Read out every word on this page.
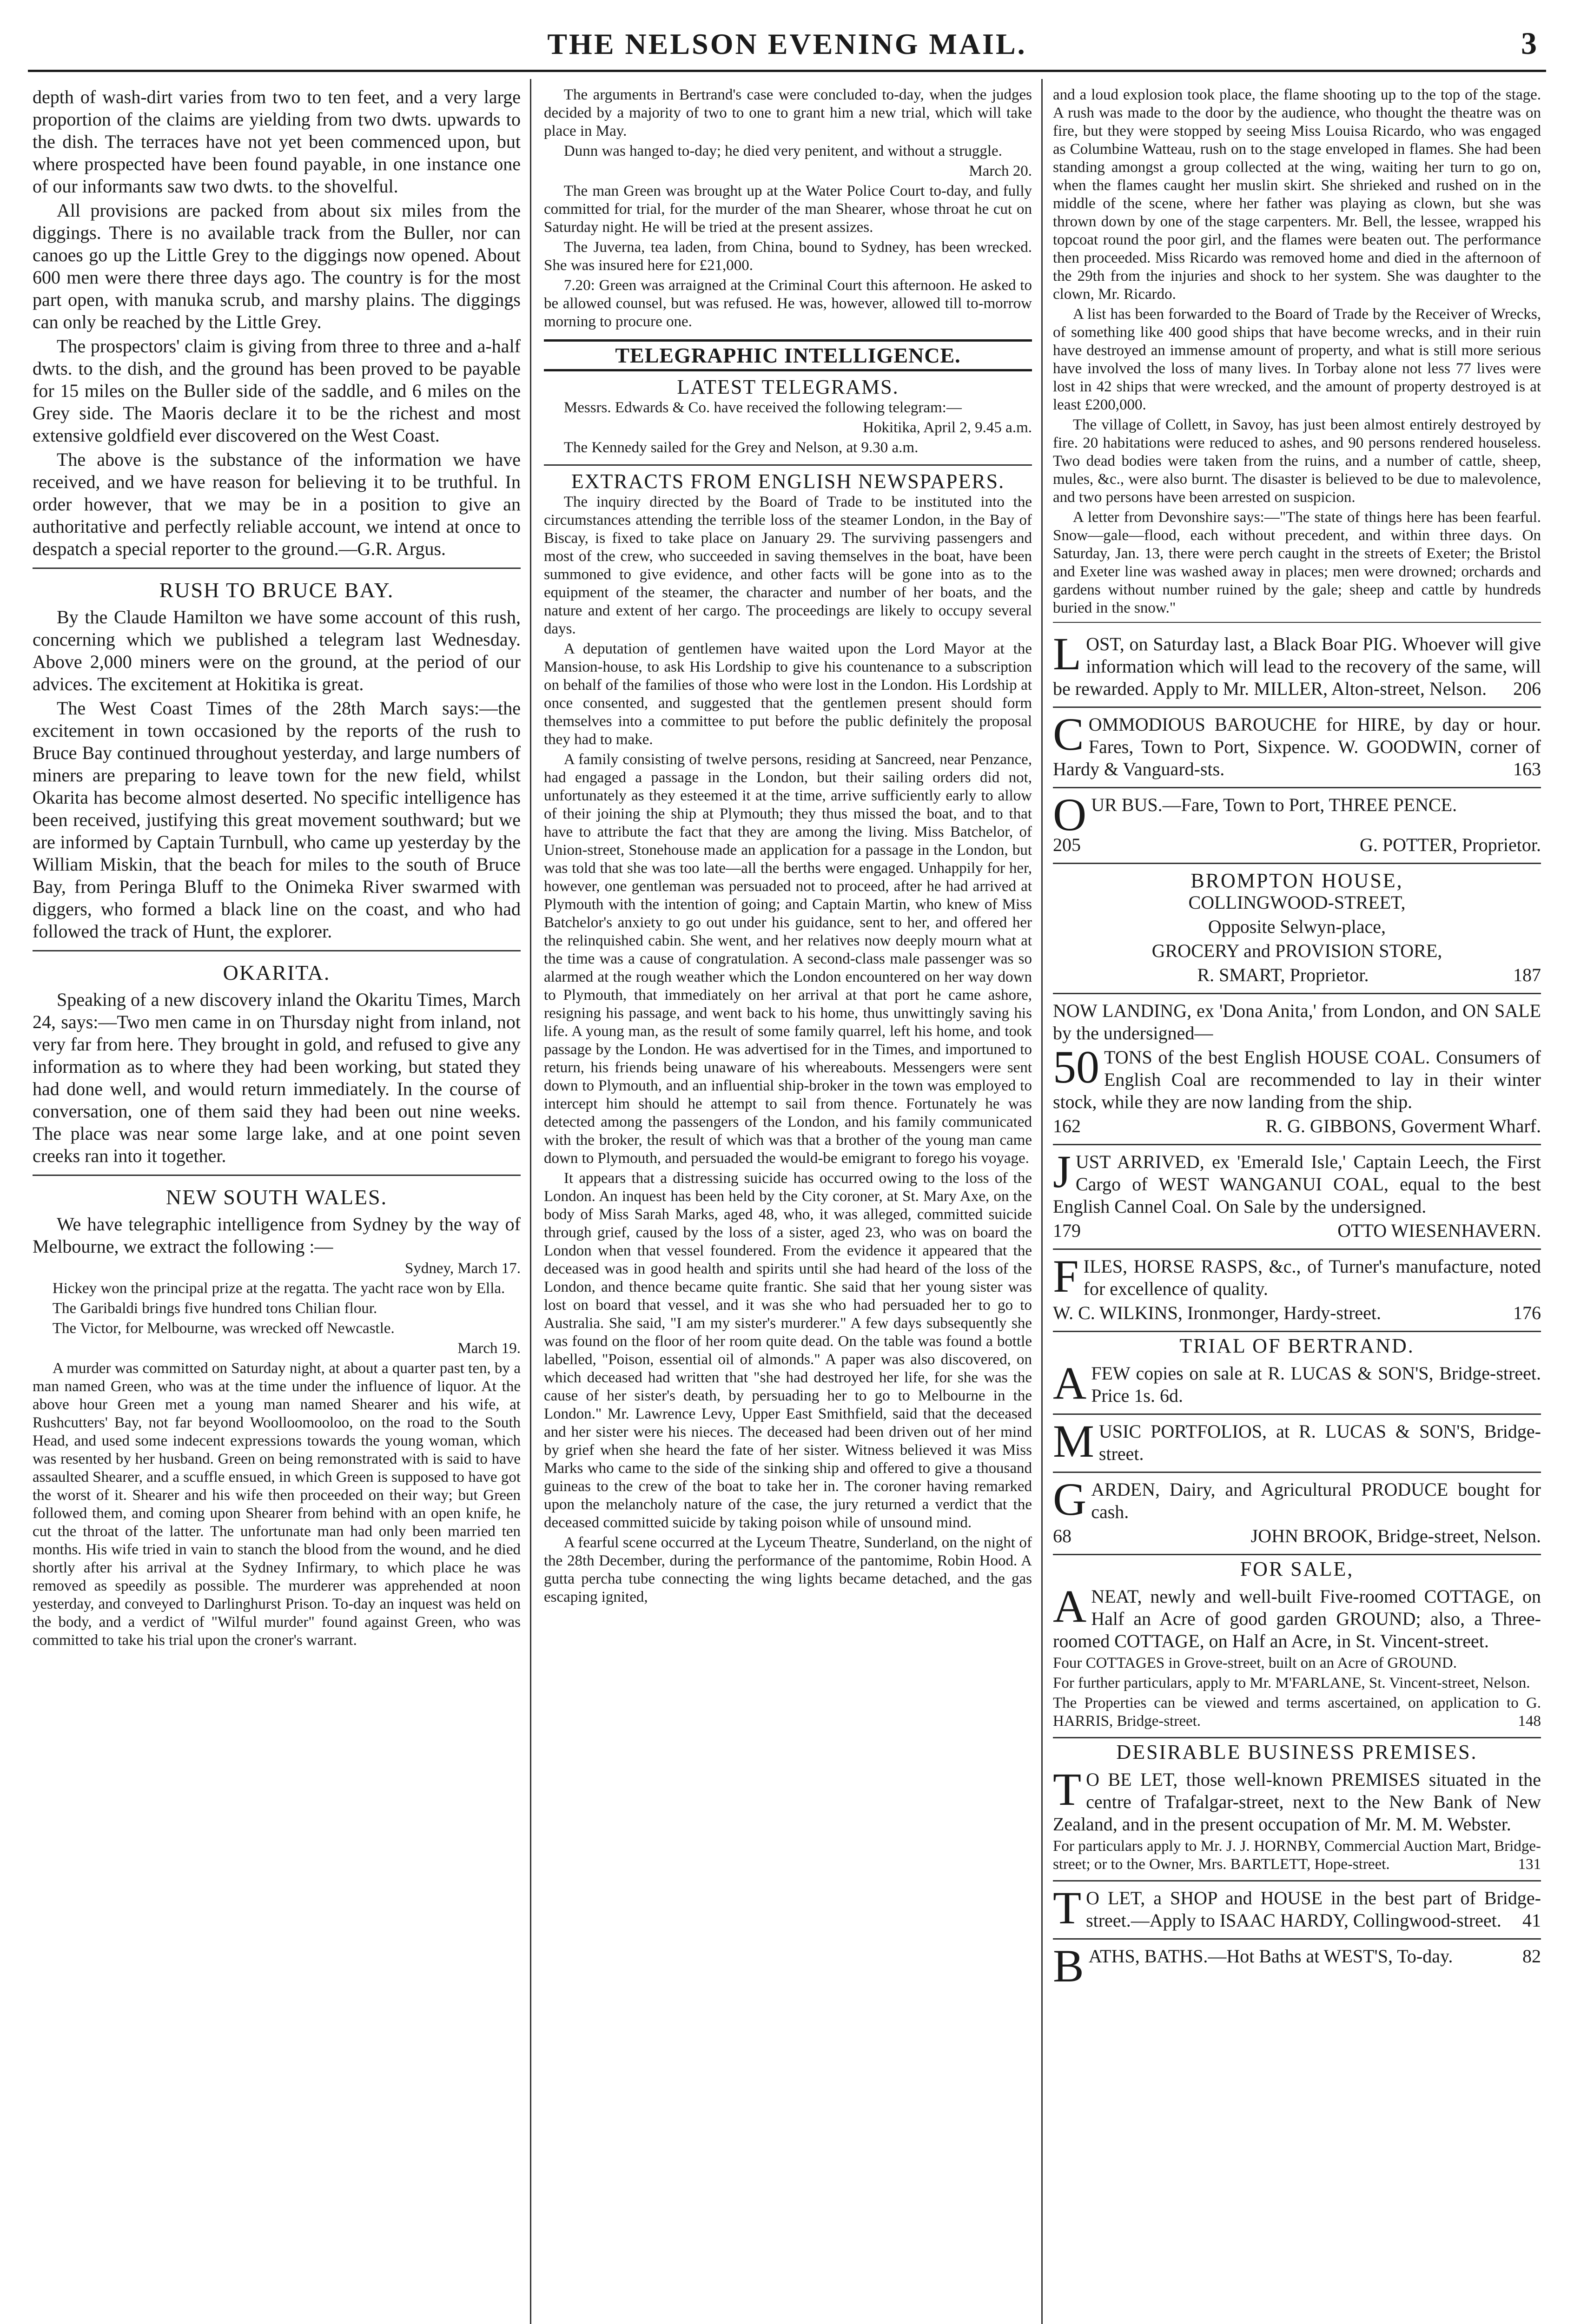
THE NELSON EVENING MAIL.	3

depth of wash-dirt varies from two to ten feet, and a very large proportion of the claims are yielding from two dwts. upwards to the dish. The terraces have not yet been commenced upon, but where prospected have been found payable, in one instance one of our informants saw two dwts. to the shovelful.

All provisions are packed from about six miles from the diggings. There is no available track from the Buller, nor can canoes go up the Little Grey to the diggings now opened. About 600 men were there three days ago. The country is for the most part open, with manuka scrub, and marshy plains. The diggings can only be reached by the Little Grey.

The prospectors' claim is giving from three to three and a-half dwts. to the dish, and the ground has been proved to be payable for 15 miles on the Buller side of the saddle, and 6 miles on the Grey side. The Maoris declare it to be the richest and most extensive goldfield ever discovered on the West Coast.

The above is the substance of the information we have received, and we have reason for believing it to be truthful. In order however, that we may be in a position to give an authoritative and perfectly reliable account, we intend at once to despatch a special reporter to the ground.—G.R. Argus.

RUSH TO BRUCE BAY.

By the Claude Hamilton we have some account of this rush, concerning which we published a telegram last Wednesday. Above 2,000 miners were on the ground, at the period of our advices. The excitement at Hokitika is great.

The West Coast Times of the 28th March says:—the excitement in town occasioned by the reports of the rush to Bruce Bay continued throughout yesterday, and large numbers of miners are preparing to leave town for the new field, whilst Okarita has become almost deserted. No specific intelligence has been received, justifying this great movement southward; but we are informed by Captain Turnbull, who came up yesterday by the William Miskin, that the beach for miles to the south of Bruce Bay, from Peringa Bluff to the Onimeka River swarmed with diggers, who formed a black line on the coast, and who had followed the track of Hunt, the explorer.

OKARITA.

Speaking of a new discovery inland the Okaritu Times, March 24, says:—Two men came in on Thursday night from inland, not very far from here. They brought in gold, and refused to give any information as to where they had been working, but stated they had done well, and would return immediately. In the course of conversation, one of them said they had been out nine weeks. The place was near some large lake, and at one point seven creeks ran into it together.

NEW SOUTH WALES.

We have telegraphic intelligence from Sydney by the way of Melbourne, we extract the following :—

Sydney, March 17.

Hickey won the principal prize at the regatta. The yacht race won by Ella.

The Garibaldi brings five hundred tons Chilian flour.

The Victor, for Melbourne, was wrecked off Newcastle.

March 19.

A murder was committed on Saturday night, at about a quarter past ten, by a man named Green, who was at the time under the influence of liquor. At the above hour Green met a young man named Shearer and his wife, at Rushcutters' Bay, not far beyond Woolloomooloo, on the road to the South Head, and used some indecent expressions towards the young woman, which was resented by her husband. Green on being remonstrated with is said to have assaulted Shearer, and a scuffle ensued, in which Green is supposed to have got the worst of it. Shearer and his wife then proceeded on their way; but Green followed them, and coming upon Shearer from behind with an open knife, he cut the throat of the latter. The unfortunate man had only been married ten months. His wife tried in vain to stanch the blood from the wound, and he died shortly after his arrival at the Sydney Infirmary, to which place he was removed as speedily as possible. The murderer was apprehended at noon yesterday, and conveyed to Darlinghurst Prison. To-day an inquest was held on the body, and a verdict of "Wilful murder" found against Green, who was committed to take his trial upon the croner's warrant.

The arguments in Bertrand's case were concluded to-day, when the judges decided by a majority of two to one to grant him a new trial, which will take place in May.

Dunn was hanged to-day; he died very penitent, and without a struggle.

March 20.

The man Green was brought up at the Water Police Court to-day, and fully committed for trial, for the murder of the man Shearer, whose throat he cut on Saturday night. He will be tried at the present assizes.

The Juverna, tea laden, from China, bound to Sydney, has been wrecked. She was insured here for £21,000.

7.20: Green was arraigned at the Criminal Court this afternoon. He asked to be allowed counsel, but was refused. He was, however, allowed till to-morrow morning to procure one.

TELEGRAPHIC INTELLIGENCE.
LATEST TELEGRAMS.

Messrs. Edwards & Co. have received the following telegram:—

Hokitika, April 2, 9.45 a.m.

The Kennedy sailed for the Grey and Nelson, at 9.30 a.m.

EXTRACTS FROM ENGLISH NEWSPAPERS.

The inquiry directed by the Board of Trade to be instituted into the circumstances attending the terrible loss of the steamer London, in the Bay of Biscay, is fixed to take place on January 29. The surviving passengers and most of the crew, who succeeded in saving themselves in the boat, have been summoned to give evidence, and other facts will be gone into as to the equipment of the steamer, the character and number of her boats, and the nature and extent of her cargo. The proceedings are likely to occupy several days.

A deputation of gentlemen have waited upon the Lord Mayor at the Mansion-house, to ask His Lordship to give his countenance to a subscription on behalf of the families of those who were lost in the London. His Lordship at once consented, and suggested that the gentlemen present should form themselves into a committee to put before the public definitely the proposal they had to make.

A family consisting of twelve persons, residing at Sancreed, near Penzance, had engaged a passage in the London, but their sailing orders did not, unfortunately as they esteemed it at the time, arrive sufficiently early to allow of their joining the ship at Plymouth; they thus missed the boat, and to that have to attribute the fact that they are among the living. Miss Batchelor, of Union-street, Stonehouse made an application for a passage in the London, but was told that she was too late—all the berths were engaged. Unhappily for her, however, one gentleman was persuaded not to proceed, after he had arrived at Plymouth with the intention of going; and Captain Martin, who knew of Miss Batchelor's anxiety to go out under his guidance, sent to her, and offered her the relinquished cabin. She went, and her relatives now deeply mourn what at the time was a cause of congratulation. A second-class male passenger was so alarmed at the rough weather which the London encountered on her way down to Plymouth, that immediately on her arrival at that port he came ashore, resigning his passage, and went back to his home, thus unwittingly saving his life. A young man, as the result of some family quarrel, left his home, and took passage by the London. He was advertised for in the Times, and importuned to return, his friends being unaware of his whereabouts. Messengers were sent down to Plymouth, and an influential ship-broker in the town was employed to intercept him should he attempt to sail from thence. Fortunately he was detected among the passengers of the London, and his family communicated with the broker, the result of which was that a brother of the young man came down to Plymouth, and persuaded the would-be emigrant to forego his voyage.

It appears that a distressing suicide has occurred owing to the loss of the London. An inquest has been held by the City coroner, at St. Mary Axe, on the body of Miss Sarah Marks, aged 48, who, it was alleged, committed suicide through grief, caused by the loss of a sister, aged 23, who was on board the London when that vessel foundered. From the evidence it appeared that the deceased was in good health and spirits until she had heard of the loss of the London, and thence became quite frantic. She said that her young sister was lost on board that vessel, and it was she who had persuaded her to go to Australia. She said, "I am my sister's murderer." A few days subsequently she was found on the floor of her room quite dead. On the table was found a bottle labelled, "Poison, essential oil of almonds." A paper was also discovered, on which deceased had written that "she had destroyed her life, for she was the cause of her sister's death, by persuading her to go to Melbourne in the London." Mr. Lawrence Levy, Upper East Smithfield, said that the deceased and her sister were his nieces. The deceased had been driven out of her mind by grief when she heard the fate of her sister. Witness believed it was Miss Marks who came to the side of the sinking ship and offered to give a thousand guineas to the crew of the boat to take her in. The coroner having remarked upon the melancholy nature of the case, the jury returned a verdict that the deceased committed suicide by taking poison while of unsound mind.

A fearful scene occurred at the Lyceum Theatre, Sunderland, on the night of the 28th December, during the performance of the pantomime, Robin Hood. A gutta percha tube connecting the wing lights became detached, and the gas escaping ignited,

and a loud explosion took place, the flame shooting up to the top of the stage. A rush was made to the door by the audience, who thought the theatre was on fire, but they were stopped by seeing Miss Louisa Ricardo, who was engaged as Columbine Watteau, rush on to the stage enveloped in flames. She had been standing amongst a group collected at the wing, waiting her turn to go on, when the flames caught her muslin skirt. She shrieked and rushed on in the middle of the scene, where her father was playing as clown, but she was thrown down by one of the stage carpenters. Mr. Bell, the lessee, wrapped his topcoat round the poor girl, and the flames were beaten out. The performance then proceeded. Miss Ricardo was removed home and died in the afternoon of the 29th from the injuries and shock to her system. She was daughter to the clown, Mr. Ricardo.

A list has been forwarded to the Board of Trade by the Receiver of Wrecks, of something like 400 good ships that have become wrecks, and in their ruin have destroyed an immense amount of property, and what is still more serious have involved the loss of many lives. In Torbay alone not less 77 lives were lost in 42 ships that were wrecked, and the amount of property destroyed is at least £200,000.

The village of Collett, in Savoy, has just been almost entirely destroyed by fire. 20 habitations were reduced to ashes, and 90 persons rendered houseless. Two dead bodies were taken from the ruins, and a number of cattle, sheep, mules, &c., were also burnt. The disaster is believed to be due to malevolence, and two persons have been arrested on suspicion.

A letter from Devonshire says:—"The state of things here has been fearful. Snow—gale—flood, each without precedent, and within three days. On Saturday, Jan. 13, there were perch caught in the streets of Exeter; the Bristol and Exeter line was washed away in places; men were drowned; orchards and gardens without number ruined by the gale; sheep and cattle by hundreds buried in the snow."

LOST, on Saturday last, a Black Boar PIG. Whoever will give information which will lead to the recovery of the same, will be rewarded. Apply to Mr. MILLER, Alton-street, Nelson. 206

COMMODIOUS BAROUCHE for HIRE, by day or hour. Fares, Town to Port, Sixpence. W. GOODWIN, corner of Hardy & Vanguard-sts.	163

OUR BUS.—Fare, Town to Port, THREE PENCE.

205	G. POTTER, Proprietor.

BROMPTON HOUSE,

COLLINGWOOD-STREET,

Opposite Selwyn-place,

GROCERY and PROVISION STORE,

R. SMART, Proprietor.	187

NOW LANDING, ex 'Dona Anita,' from London, and ON SALE by the undersigned—

50 TONS of the best English HOUSE COAL. Consumers of English Coal are recommended to lay in their winter stock, while they are now landing from the ship.

162	R. G. GIBBONS, Goverment Wharf.

JUST ARRIVED, ex 'Emerald Isle,' Captain Leech, the First Cargo of WEST WANGANUI COAL, equal to the best English Cannel Coal. On Sale by the undersigned.

179	OTTO WIESENHAVERN.

FILES, HORSE RASPS, &c., of Turner's manufacture, noted for excellence of quality.

W. C. WILKINS, Ironmonger, Hardy-street.	176

TRIAL OF BERTRAND.

AFEW copies on sale at R. LUCAS & SON'S, Bridge-street. Price 1s. 6d.

MUSIC PORTFOLIOS, at R. LUCAS & SON'S, Bridge-street.

GARDEN, Dairy, and Agricultural PRODUCE bought for cash.

68	JOHN BROOK, Bridge-street, Nelson.

FOR SALE,

ANEAT, newly and well-built Five-roomed COTTAGE, on Half an Acre of good garden GROUND; also, a Three-roomed COTTAGE, on Half an Acre, in St. Vincent-street.

Four COTTAGES in Grove-street, built on an Acre of GROUND.

For further particulars, apply to Mr. M'FARLANE, St. Vincent-street, Nelson.

The Properties can be viewed and terms ascertained, on application to G. HARRIS, Bridge-street.	148

DESIRABLE BUSINESS PREMISES.

T O BE LET, those well-known PREMISES situated in the centre of Trafalgar-street, next to the New Bank of New Zealand, and in the present occupation of Mr. M. M. Webster.

For particulars apply to Mr. J. J. HORNBY, Commercial Auction Mart, Bridge-street; or to the Owner, Mrs. BARTLETT, Hope-street.	131

T O LET, a SHOP and HOUSE in the best part of Bridge-street.—Apply to ISAAC HARDY, Collingwood-street. 41

BATHS, BATHS.—Hot Baths at WEST'S, To-day.	82
